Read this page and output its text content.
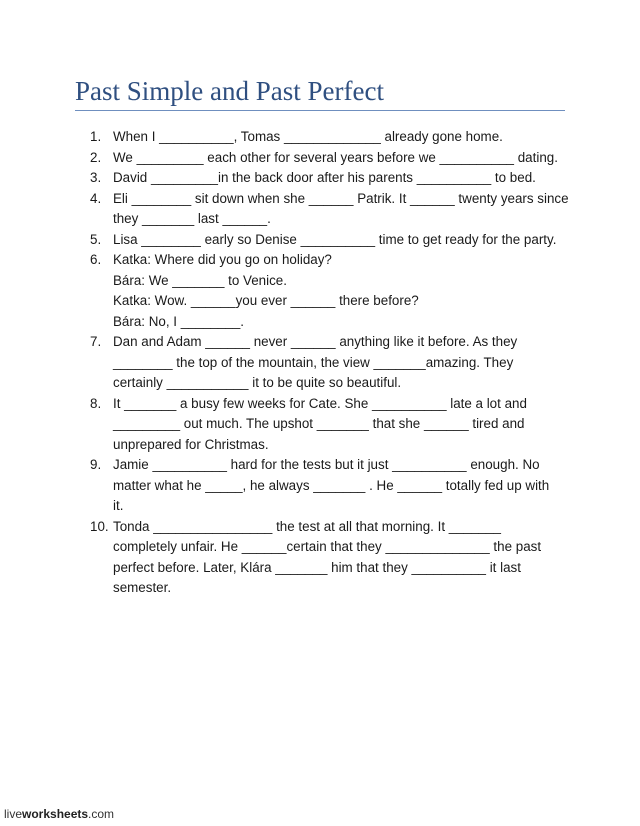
Past Simple and Past Perfect
1. When I __________, Tomas _____________ already gone home.
2. We _________ each other for several years before we __________ dating.
3. David _________in the back door after his parents __________ to bed.
4. Eli ________ sit down when she ______ Patrik. It ______ twenty years since
they _______ last ______.
5. Lisa ________ early so Denise __________ time to get ready for the party.
6. Katka: Where did you go on holiday?
Bára: We _______ to Venice.
Katka: Wow. ______you ever ______ there before?
Bára: No, I ________.
7. Dan and Adam ______ never ______ anything like it before. As they
________ the top of the mountain, the view _______amazing. They
certainly ___________ it to be quite so beautiful.
8. It _______ a busy few weeks for Cate. She __________ late a lot and
_________ out much. The upshot _______ that she ______ tired and
unprepared for Christmas.
9. Jamie __________ hard for the tests but it just __________ enough. No
matter what he _____, he always _______ . He ______ totally fed up with
it.
10. Tonda ________________ the test at all that morning. It _______
completely unfair. He ______certain that they ______________ the past
perfect before. Later, Klára _______ him that they __________ it last
semester.
liveworksheets.com
